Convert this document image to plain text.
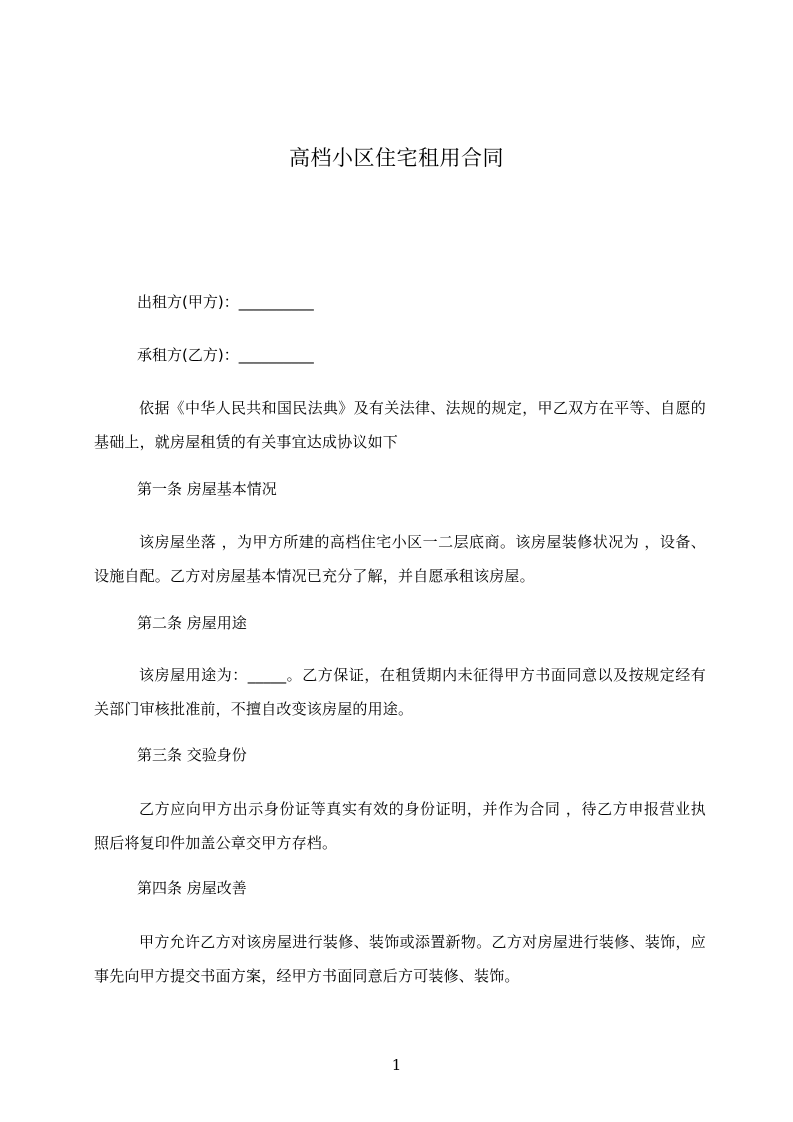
高档小区住宅租用合同
出租方(甲方)：__________
承租方(乙方)：__________
依据《中华人民共和国民法典》及有关法律、法规的规定，甲乙双方在平等、自愿的基础上，就房屋租赁的有关事宜达成协议如下
第一条 房屋基本情况
该房屋坐落 ，为甲方所建的高档住宅小区一二层底商。该房屋装修状况为 ，设备、设施自配。乙方对房屋基本情况已充分了解，并自愿承租该房屋。
第二条 房屋用途
该房屋用途为：_____。乙方保证，在租赁期内未征得甲方书面同意以及按规定经有关部门审核批准前，不擅自改变该房屋的用途。
第三条 交验身份
乙方应向甲方出示身份证等真实有效的身份证明，并作为合同 ，待乙方申报营业执照后将复印件加盖公章交甲方存档。
第四条 房屋改善
甲方允许乙方对该房屋进行装修、装饰或添置新物。乙方对房屋进行装修、装饰，应事先向甲方提交书面方案，经甲方书面同意后方可装修、装饰。
1
